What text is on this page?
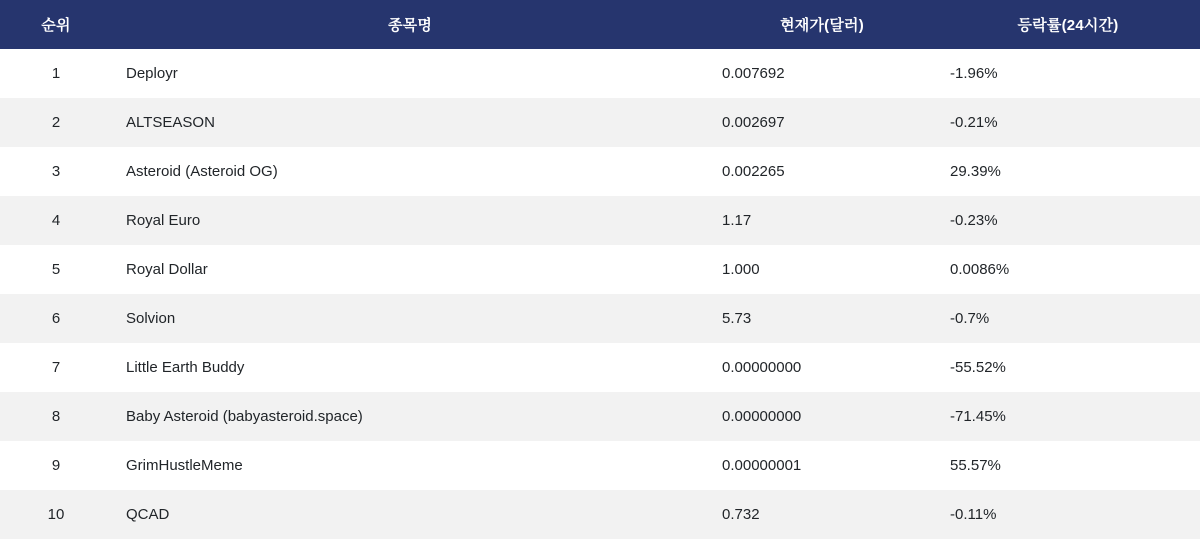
순위	종목명	현재가(달러)	등락률(24시간)
1	Deployr	0.007692	-1.96%
2	ALTSEASON	0.002697	-0.21%
3	Asteroid (Asteroid OG)	0.002265	29.39%
4	Royal Euro	1.17	-0.23%
5	Royal Dollar	1.000	0.0086%
6	Solvion	5.73	-0.7%
7	Little Earth Buddy	0.00000000	-55.52%
8	Baby Asteroid (babyasteroid.space)	0.00000000	-71.45%
9	GrimHustleMeme	0.00000001	55.57%
10	QCAD	0.732	-0.11%
